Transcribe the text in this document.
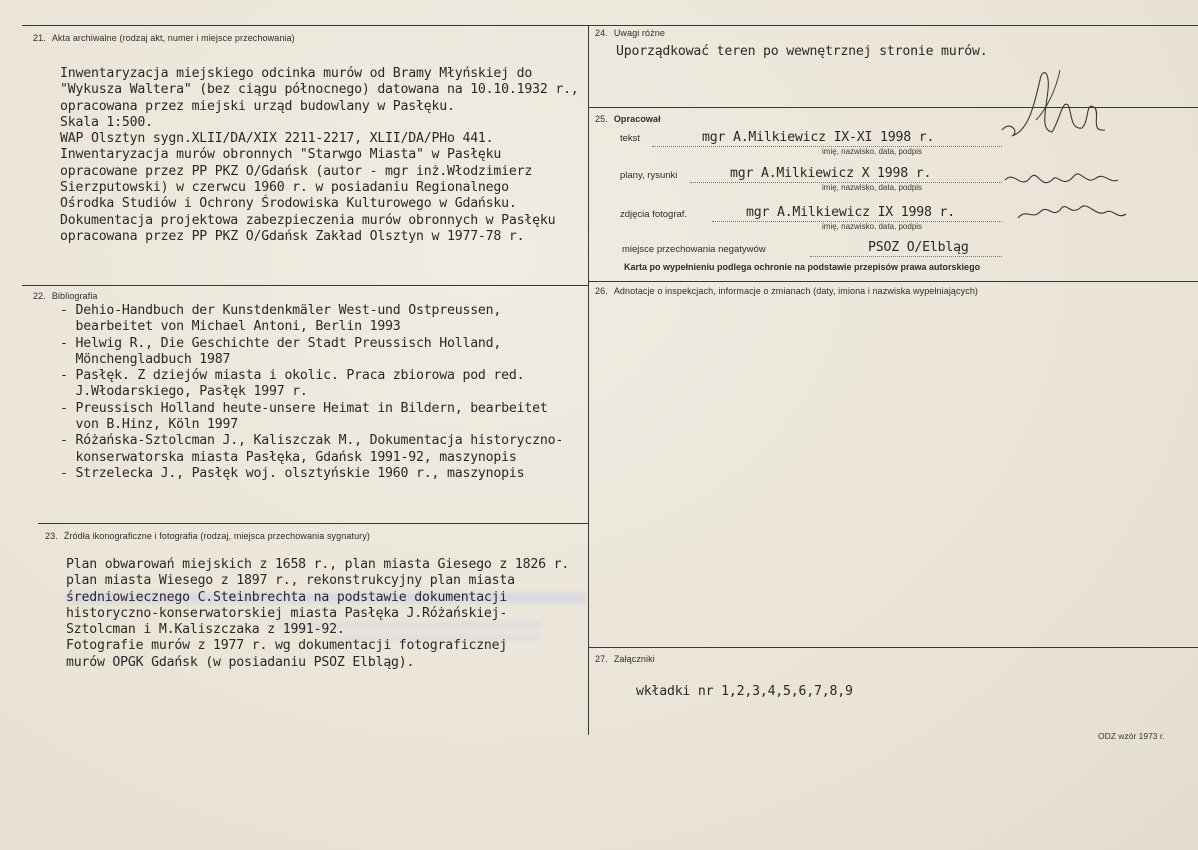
21. Akta archiwalne (rodzaj akt, numer i miejsce przechowania)
Inwentaryzacja miejskiego odcinka murów od Bramy Młyńskiej do
"Wykusza Waltera" (bez ciągu północnego) datowana na 10.10.1932 r.,
opracowana przez miejski urząd budowlany w Pasłęku.
Skala 1:500.
WAP Olsztyn sygn.XLII/DA/XIX 2211-2217, XLII/DA/PHo 441.
Inwentaryzacja murów obronnych "Starwgo Miasta" w Pasłęku
opracowane przez PP PKZ O/Gdańsk (autor - mgr inż.Włodzimierz
Sierzputowski) w czerwcu 1960 r. w posiadaniu Regionalnego
Ośrodka Studiów i Ochrony Środowiska Kulturowego w Gdańsku.
Dokumentacja projektowa zabezpieczenia murów obronnych w Pasłęku
opracowana przez PP PKZ O/Gdańsk Zakład Olsztyn w 1977-78 r.
22. Bibliografia
- Dehio-Handbuch der Kunstdenkmäler West-und Ostpreussen,
bearbeitet von Michael Antoni, Berlin 1993
- Helwig R., Die Geschichte der Stadt Preussisch Holland,
Mönchengladbuch 1987
- Pasłęk. Z dziejów miasta i okolic. Praca zbiorowa pod red.
J.Włodarskiego, Pasłęk 1997 r.
- Preussisch Holland heute-unsere Heimat in Bildern, bearbeitet
von B.Hinz, Köln 1997
- Różańska-Sztolcman J., Kaliszczak M., Dokumentacja historyczno-
konserwatorska miasta Pasłęka, Gdańsk 1991-92, maszynopis
- Strzelecka J., Pasłęk woj. olsztyńskie 1960 r., maszynopis
23. Źródła ikonograficzne i fotografia (rodzaj, miejsca przechowania sygnatury)
Plan obwarowań miejskich z 1658 r., plan miasta Giesego z 1826 r.
plan miasta Wiesego z 1897 r., rekonstrukcyjny plan miasta
średniowiecznego C.Steinbrechta na podstawie dokumentacji
historyczno-konserwatorskiej miasta Pasłęka J.Różańskiej-
Sztolcman i M.Kaliszczaka z 1991-92.
Fotografie murów z 1977 r. wg dokumentacji fotograficznej
murów OPGK Gdańsk (w posiadaniu PSOZ Elbląg).
24. Uwagi różne
Uporządkować teren po wewnętrznej stronie murów.
25. Opracował
tekst	mgr A.Milkiewicz IX-XI 1998 r.
imię, nazwisko, data, podpis
plany, rysunki	mgr A.Milkiewicz X 1998 r.
imię, nazwisko, data, podpis
zdjęcia fotograf.	mgr A.Milkiewicz IX 1998 r.
imię, nazwisko, data, podpis
miejsce przechowania negatywów	PSOZ O/Elbląg
Karta po wypełnieniu podlega ochronie na podstawie przepisów prawa autorskiego
26. Adnotacje o inspekcjach, informacje o zmianach (daty, imiona i nazwiska wypełniających)
27. Załączniki
wkładki nr 1,2,3,4,5,6,7,8,9
ODZ wzór 1973 r.
